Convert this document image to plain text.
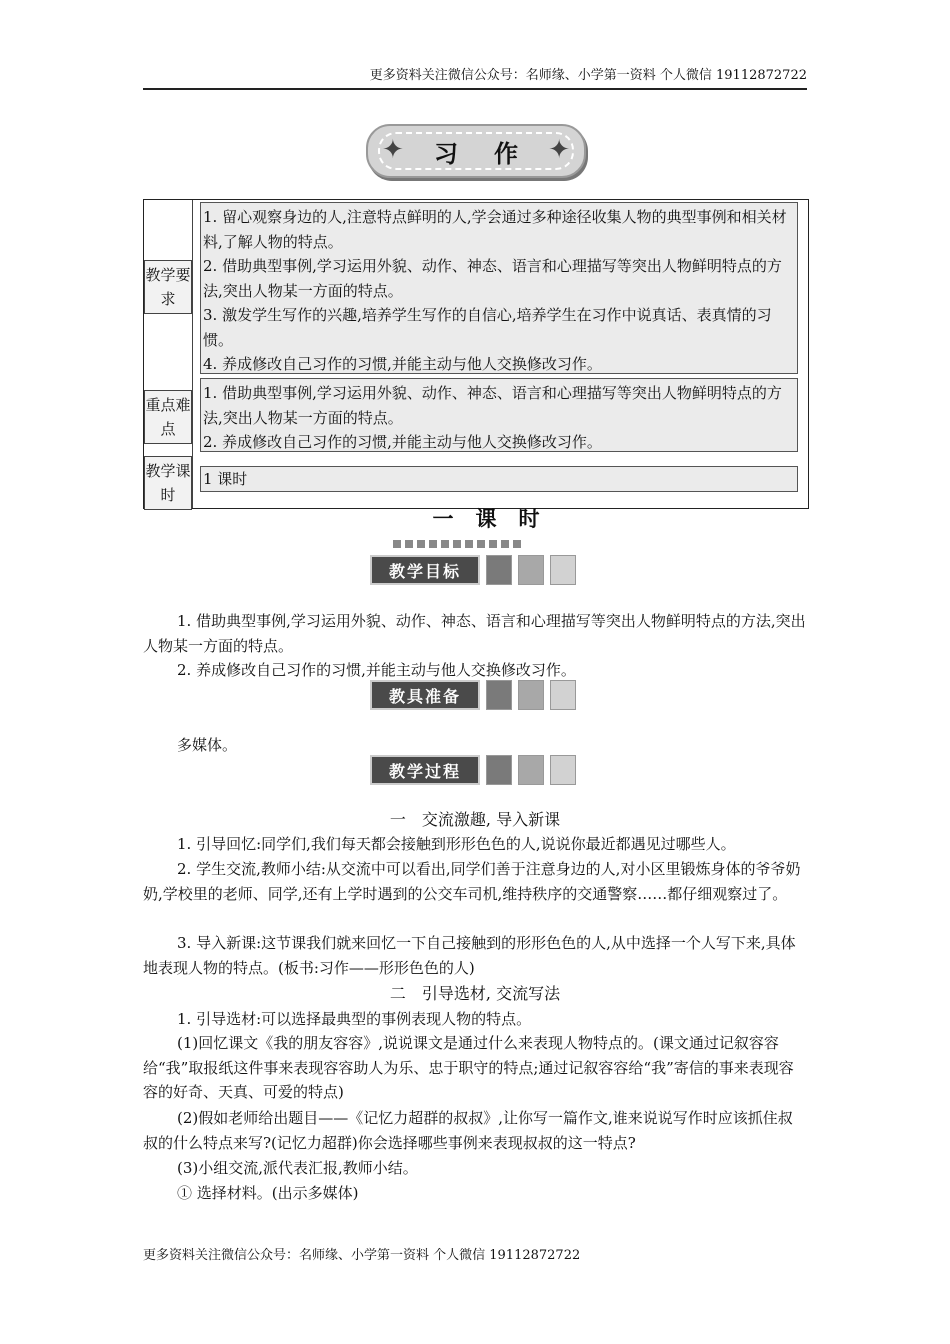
更多资料关注微信公众号：名师缘、小学第一资料 个人微信 19112872722
✦	✦
习作
教学要求
1. 留心观察身边的人,注意特点鲜明的人,学会通过多种途径收集人物的典型事例和相关材料,了解人物的特点。
2. 借助典型事例,学习运用外貌、动作、神态、语言和心理描写等突出人物鲜明特点的方法,突出人物某一方面的特点。
3. 激发学生写作的兴趣,培养学生写作的自信心,培养学生在习作中说真话、表真情的习惯。
4. 养成修改自己习作的习惯,并能主动与他人交换修改习作。
重点难点
1. 借助典型事例,学习运用外貌、动作、神态、语言和心理描写等突出人物鲜明特点的方法,突出人物某一方面的特点。
2. 养成修改自己习作的习惯,并能主动与他人交换修改习作。
教学课时
1 课时
一课时
教学目标
1. 借助典型事例,学习运用外貌、动作、神态、语言和心理描写等突出人物鲜明特点的方法,突出人物某一方面的特点。
2. 养成修改自己习作的习惯,并能主动与他人交换修改习作。
教具准备
多媒体。
教学过程
一　交流激趣, 导入新课
1. 引导回忆:同学们,我们每天都会接触到形形色色的人,说说你最近都遇见过哪些人。
2. 学生交流,教师小结:从交流中可以看出,同学们善于注意身边的人,对小区里锻炼身体的爷爷奶奶,学校里的老师、同学,还有上学时遇到的公交车司机,维持秩序的交通警察……都仔细观察过了。
3. 导入新课:这节课我们就来回忆一下自己接触到的形形色色的人,从中选择一个人写下来,具体地表现人物的特点。(板书:习作——形形色色的人)
二　引导选材, 交流写法
1. 引导选材:可以选择最典型的事例表现人物的特点。
(1)回忆课文《我的朋友容容》,说说课文是通过什么来表现人物特点的。(课文通过记叙容容给“我”取报纸这件事来表现容容助人为乐、忠于职守的特点;通过记叙容容给“我”寄信的事来表现容容的好奇、天真、可爱的特点)
(2)假如老师给出题目——《记忆力超群的叔叔》,让你写一篇作文,谁来说说写作时应该抓住叔叔的什么特点来写?(记忆力超群)你会选择哪些事例来表现叔叔的这一特点?
(3)小组交流,派代表汇报,教师小结。
① 选择材料。(出示多媒体)
更多资料关注微信公众号：名师缘、小学第一资料 个人微信 19112872722
